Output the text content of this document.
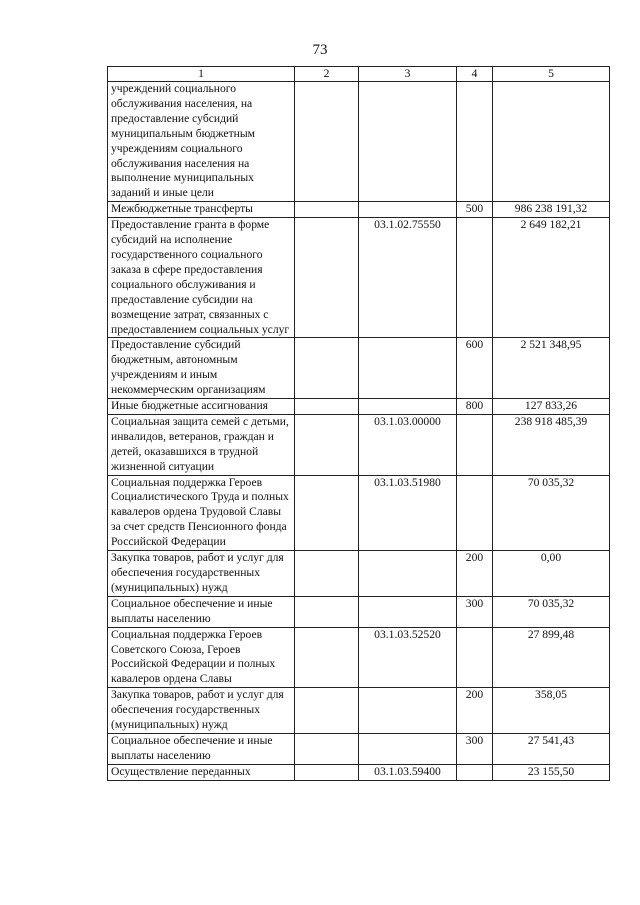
73
1	2	3	4	5
учреждений социального обслуживания населения, на предоставление субсидий муниципальным бюджетным учреждениям социального обслуживания населения на выполнение муниципальных заданий и иные цели				
Межбюджетные трансферты			500	986 238 191,32
Предоставление гранта в форме субсидий на исполнение государственного социального заказа в сфере предоставления социального обслуживания и предоставление субсидии на возмещение затрат, связанных с предоставлением социальных услуг		03.1.02.75550		2 649 182,21
Предоставление субсидий бюджетным, автономным учреждениям и иным некоммерческим организациям			600	2 521 348,95
Иные бюджетные ассигнования			800	127 833,26
Социальная защита семей с детьми, инвалидов, ветеранов, граждан и детей, оказавшихся в трудной жизненной ситуации		03.1.03.00000		238 918 485,39
Социальная поддержка Героев Социалистического Труда и полных кавалеров ордена Трудовой Славы за счет средств Пенсионного фонда Российской Федерации		03.1.03.51980		70 035,32
Закупка товаров, работ и услуг для обеспечения государственных (муниципальных) нужд			200	0,00
Социальное обеспечение и иные выплаты населению			300	70 035,32
Социальная поддержка Героев Советского Союза, Героев Российской Федерации и полных кавалеров ордена Славы		03.1.03.52520		27 899,48
Закупка товаров, работ и услуг для обеспечения государственных (муниципальных) нужд			200	358,05
Социальное обеспечение и иные выплаты населению			300	27 541,43
Осуществление переданных		03.1.03.59400		23 155,50
